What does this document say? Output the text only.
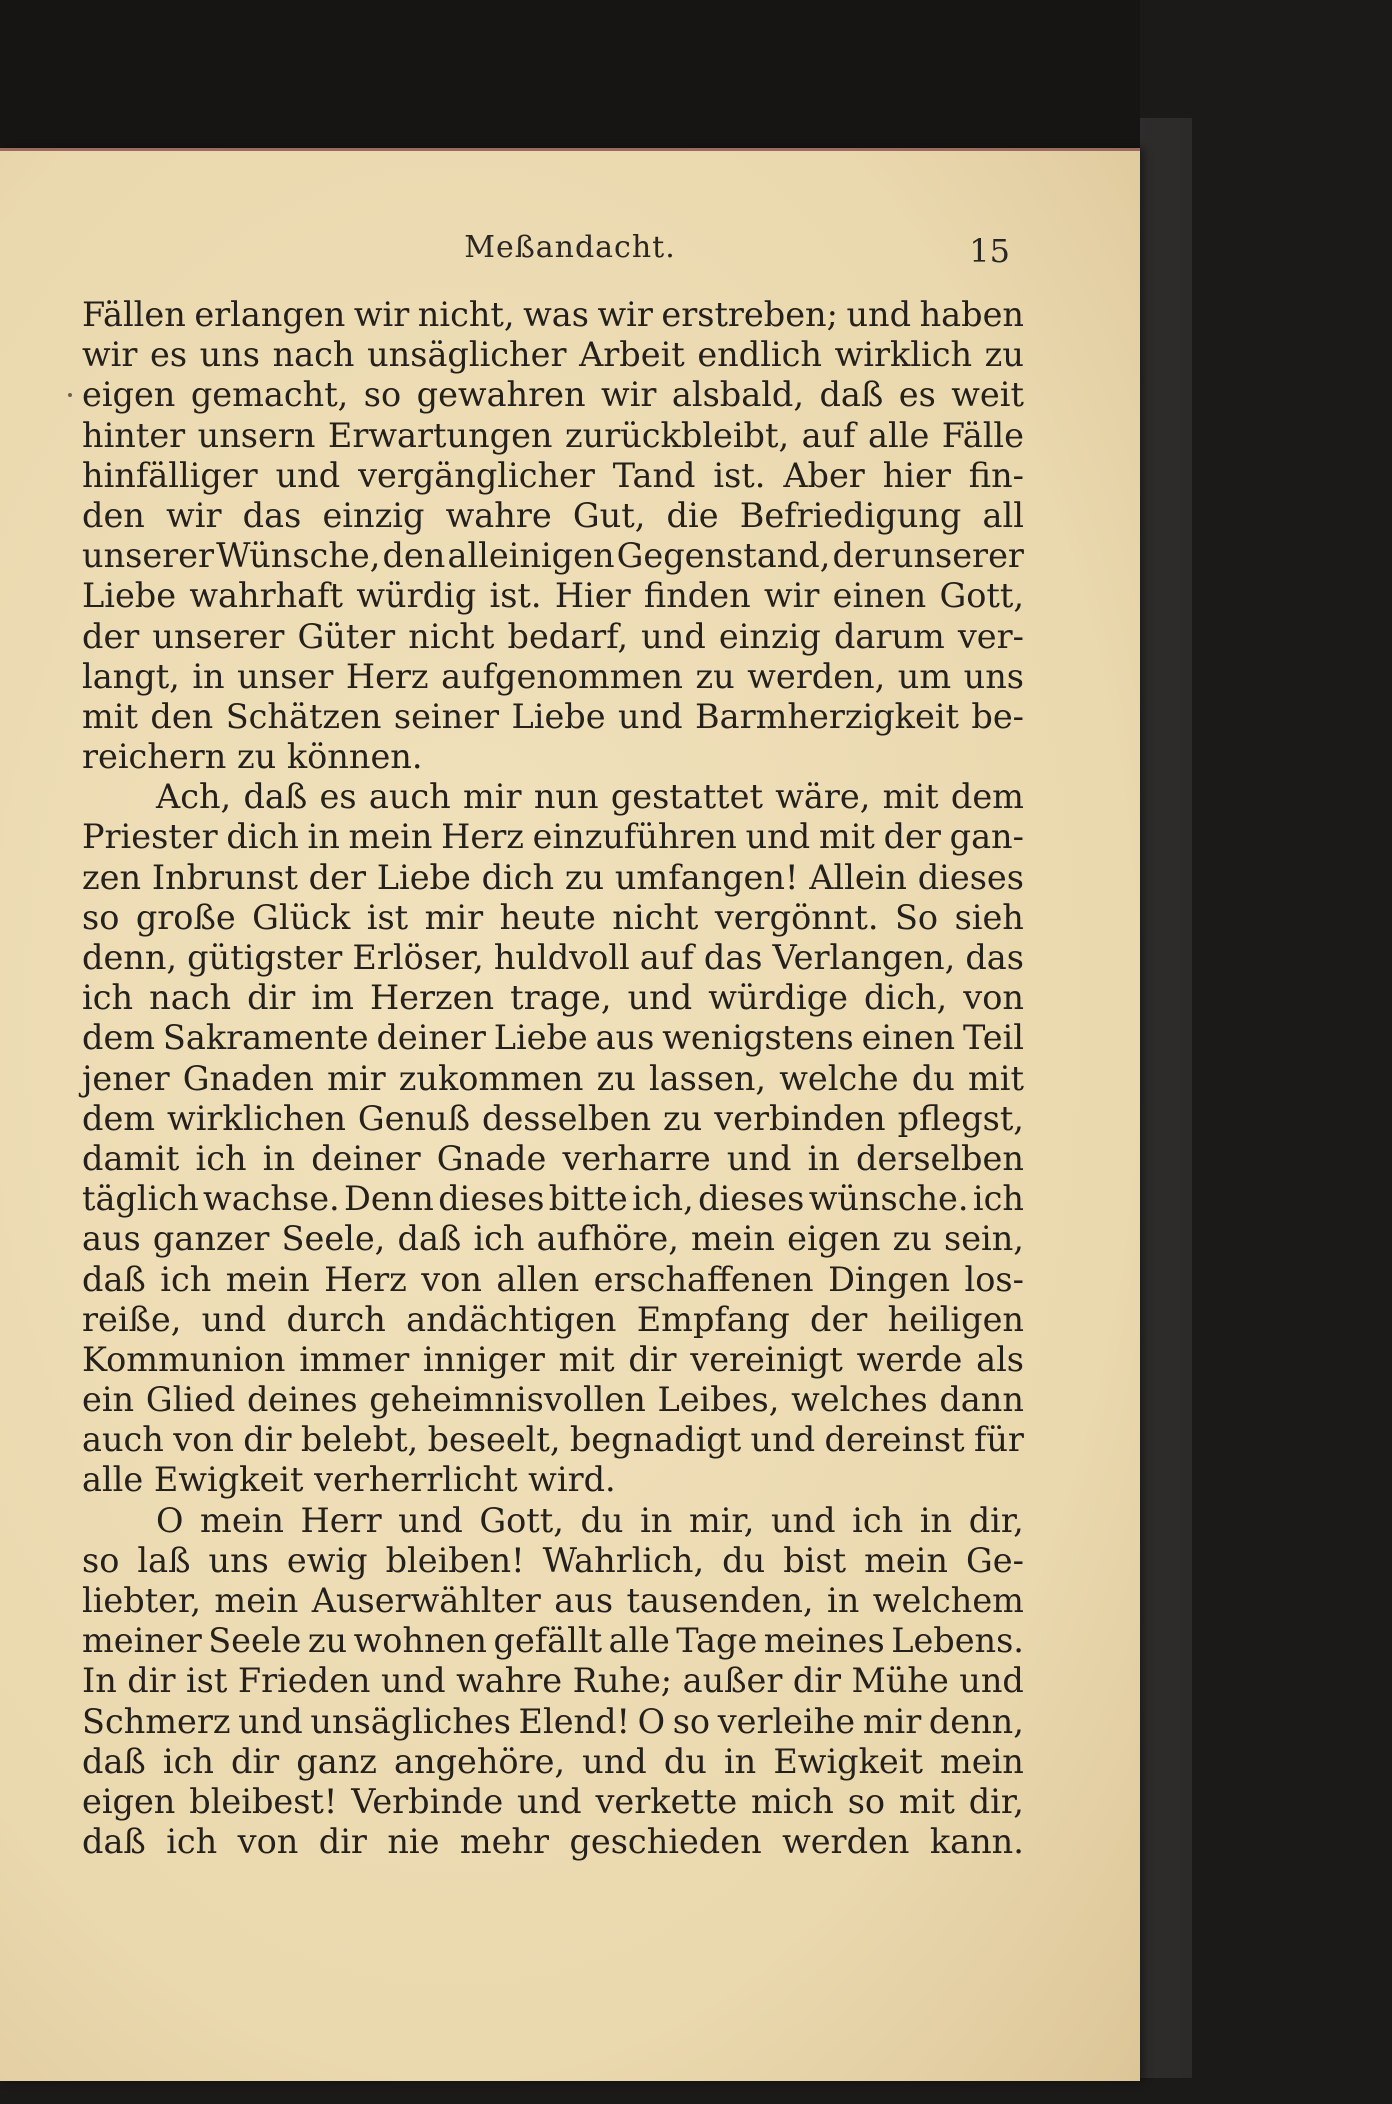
Meßandacht.	15
Fällen erlangen wir nicht, was wir erstreben; und haben
wir es uns nach unsäglicher Arbeit endlich wirklich zu
eigen gemacht, so gewahren wir alsbald, daß es weit
hinter unsern Erwartungen zurückbleibt, auf alle Fälle
hinfälliger und vergänglicher Tand ist. Aber hier fin-
den wir das einzig wahre Gut, die Befriedigung all
unserer Wünsche, den alleinigen Gegenstand, der unserer
Liebe wahrhaft würdig ist. Hier finden wir einen Gott,
der unserer Güter nicht bedarf, und einzig darum ver-
langt, in unser Herz aufgenommen zu werden, um uns
mit den Schätzen seiner Liebe und Barmherzigkeit be-
reichern zu können.
Ach, daß es auch mir nun gestattet wäre, mit dem
Priester dich in mein Herz einzuführen und mit der gan-
zen Inbrunst der Liebe dich zu umfangen! Allein dieses
so große Glück ist mir heute nicht vergönnt. So sieh
denn, gütigster Erlöser, huldvoll auf das Verlangen, das
ich nach dir im Herzen trage, und würdige dich, von
dem Sakramente deiner Liebe aus wenigstens einen Teil
jener Gnaden mir zukommen zu lassen, welche du mit
dem wirklichen Genuß desselben zu verbinden pflegst,
damit ich in deiner Gnade verharre und in derselben
täglich wachse. Denn dieses bitte ich, dieses wünsche. ich
aus ganzer Seele, daß ich aufhöre, mein eigen zu sein,
daß ich mein Herz von allen erschaffenen Dingen los-
reiße, und durch andächtigen Empfang der heiligen
Kommunion immer inniger mit dir vereinigt werde als
ein Glied deines geheimnisvollen Leibes, welches dann
auch von dir belebt, beseelt, begnadigt und dereinst für
alle Ewigkeit verherrlicht wird.
O mein Herr und Gott, du in mir, und ich in dir,
so laß uns ewig bleiben! Wahrlich, du bist mein Ge-
liebter, mein Auserwählter aus tausenden, in welchem
meiner Seele zu wohnen gefällt alle Tage meines Lebens.
In dir ist Frieden und wahre Ruhe; außer dir Mühe und
Schmerz und unsägliches Elend! O so verleihe mir denn,
daß ich dir ganz angehöre, und du in Ewigkeit mein
eigen bleibest! Verbinde und verkette mich so mit dir,
daß ich von dir nie mehr geschieden werden kann.
